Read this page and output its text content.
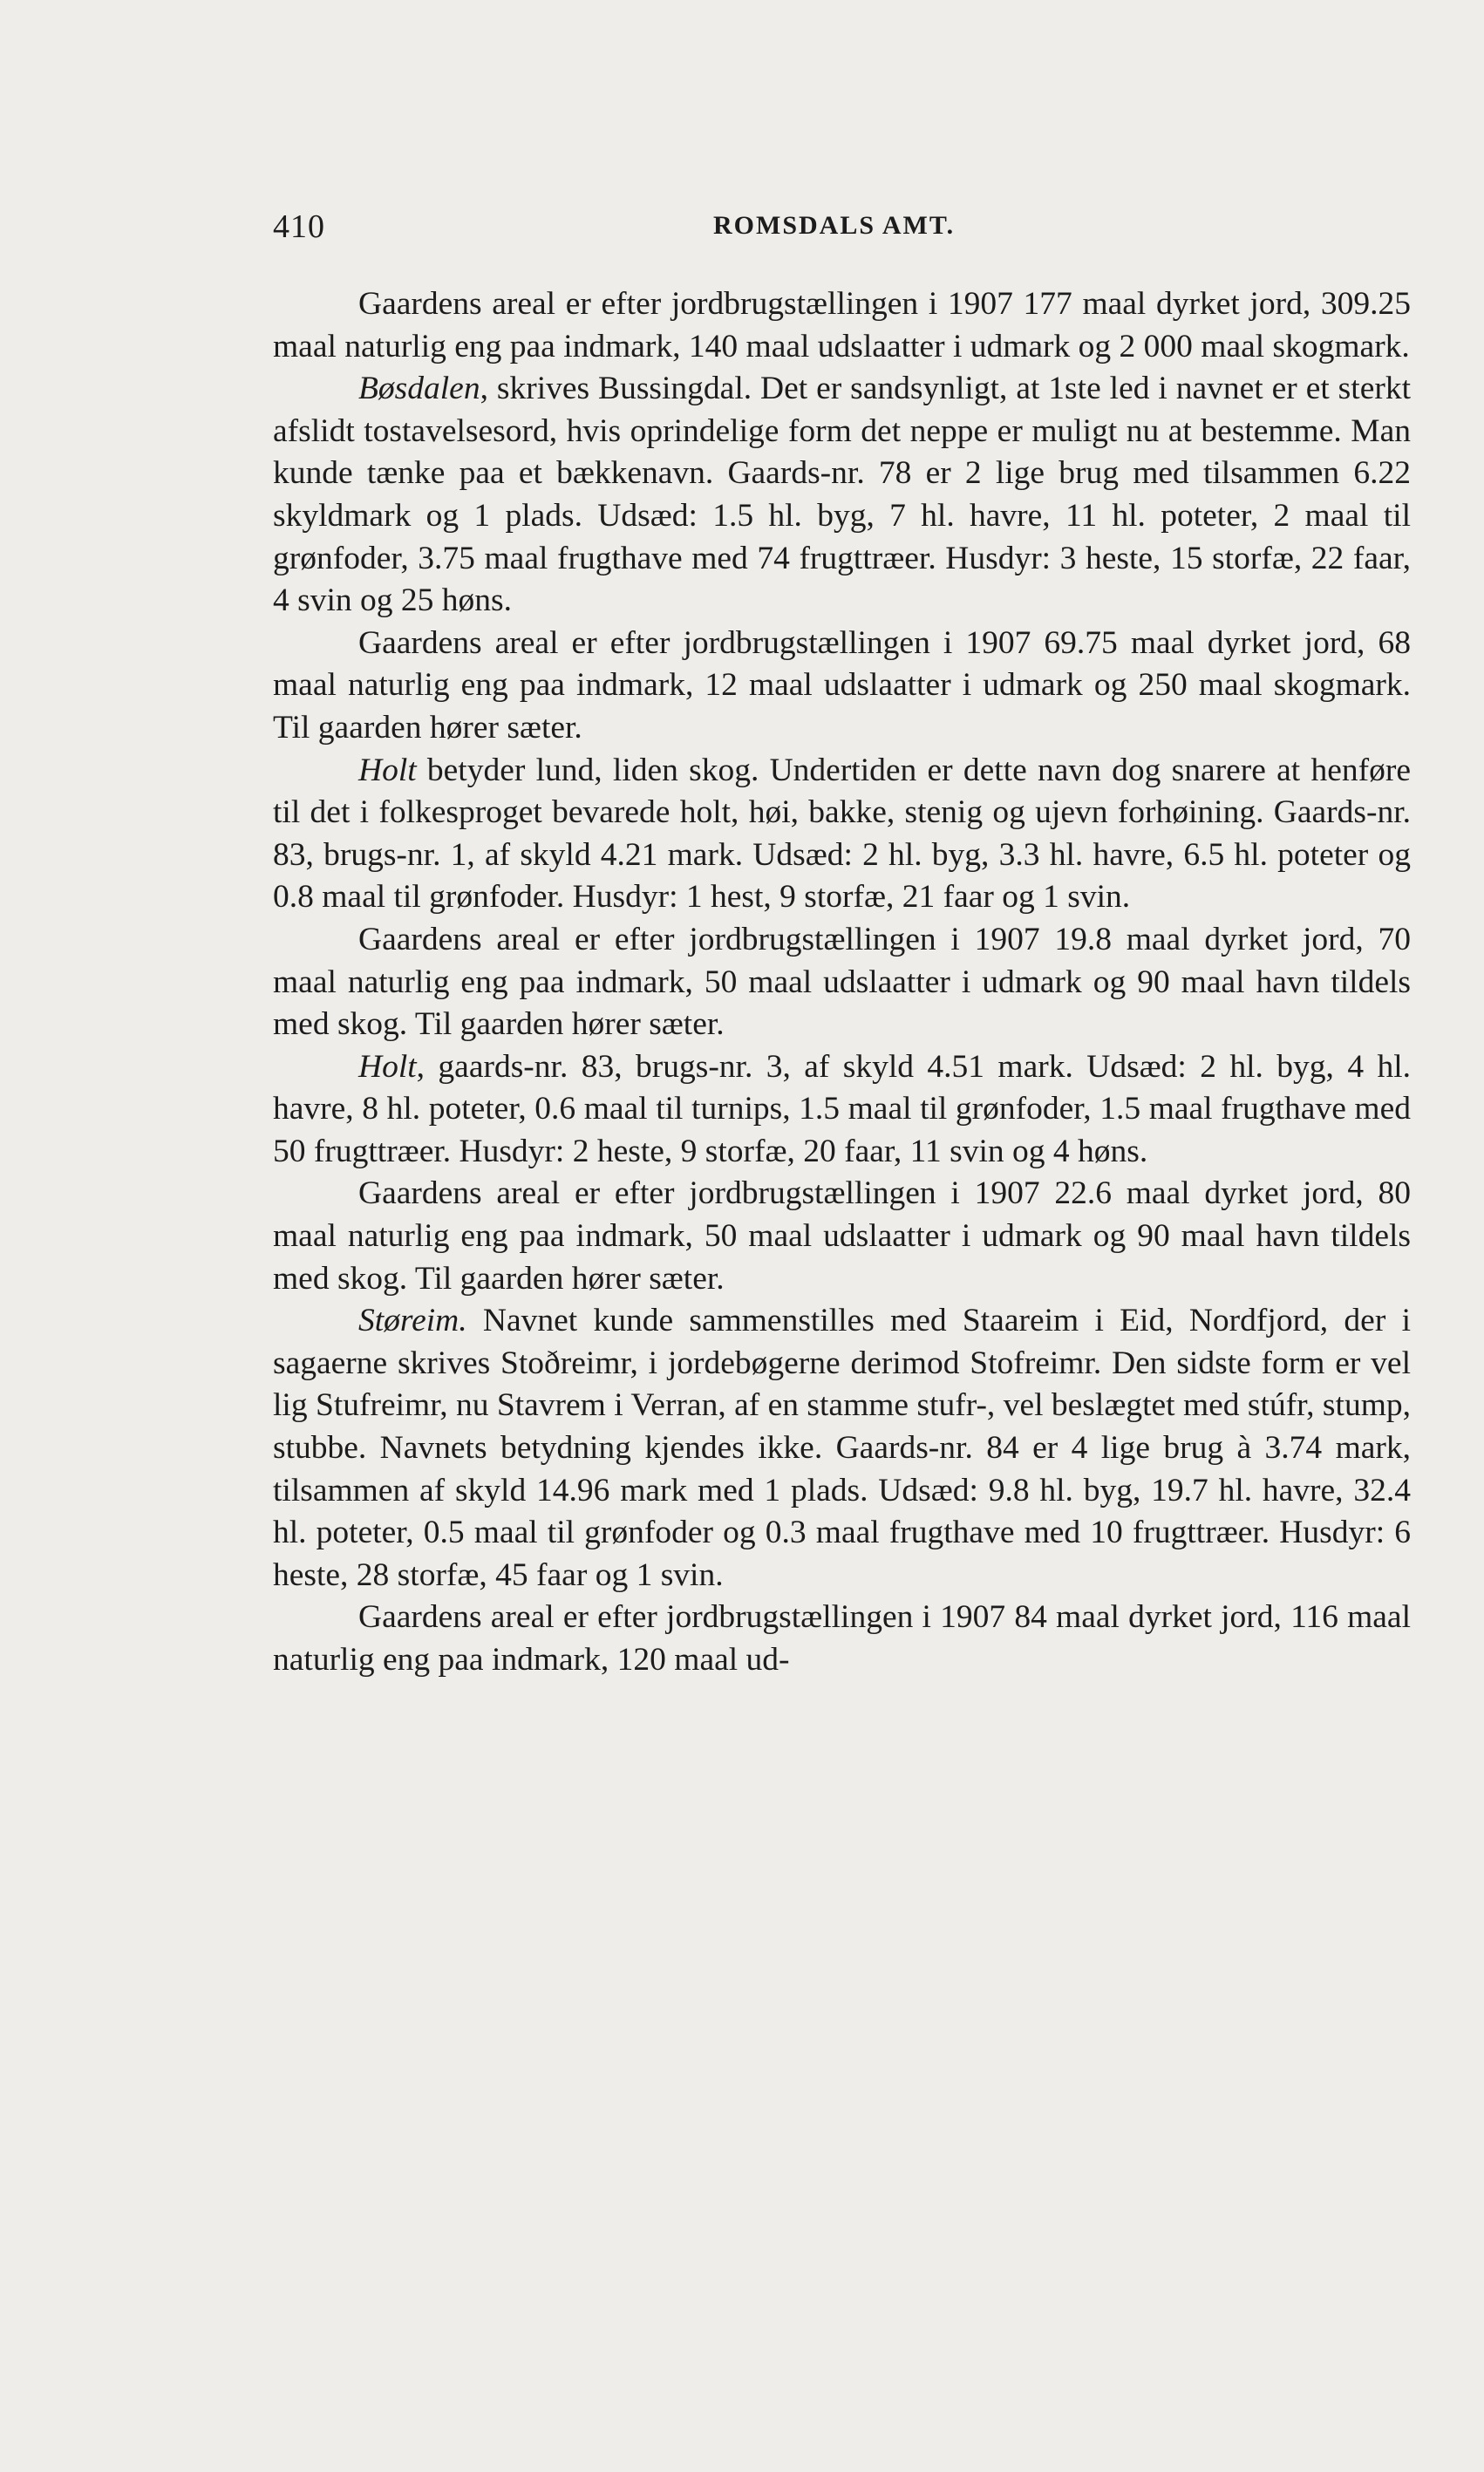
410	ROMSDALS AMT.

Gaardens areal er efter jordbrugstællingen i 1907 177 maal dyrket jord, 309.25 maal naturlig eng paa indmark, 140 maal udslaatter i udmark og 2 000 maal skogmark.

Bøsdalen, skrives Bussingdal. Det er sandsynligt, at 1ste led i navnet er et sterkt afslidt tostavelsesord, hvis oprindelige form det neppe er muligt nu at bestemme. Man kunde tænke paa et bækkenavn. Gaards-nr. 78 er 2 lige brug med tilsammen 6.22 skyldmark og 1 plads. Udsæd: 1.5 hl. byg, 7 hl. havre, 11 hl. poteter, 2 maal til grønfoder, 3.75 maal frugthave med 74 frugttræer. Husdyr: 3 heste, 15 storfæ, 22 faar, 4 svin og 25 høns.

Gaardens areal er efter jordbrugstællingen i 1907 69.75 maal dyrket jord, 68 maal naturlig eng paa indmark, 12 maal udslaatter i udmark og 250 maal skogmark. Til gaarden hører sæter.

Holt betyder lund, liden skog. Undertiden er dette navn dog snarere at henføre til det i folkesproget bevarede holt, høi, bakke, stenig og ujevn forhøining. Gaards-nr. 83, brugs-nr. 1, af skyld 4.21 mark. Udsæd: 2 hl. byg, 3.3 hl. havre, 6.5 hl. poteter og 0.8 maal til grønfoder. Husdyr: 1 hest, 9 storfæ, 21 faar og 1 svin.

Gaardens areal er efter jordbrugstællingen i 1907 19.8 maal dyrket jord, 70 maal naturlig eng paa indmark, 50 maal udslaatter i udmark og 90 maal havn tildels med skog. Til gaarden hører sæter.

Holt, gaards-nr. 83, brugs-nr. 3, af skyld 4.51 mark. Udsæd: 2 hl. byg, 4 hl. havre, 8 hl. poteter, 0.6 maal til turnips, 1.5 maal til grønfoder, 1.5 maal frugthave med 50 frugttræer. Husdyr: 2 heste, 9 storfæ, 20 faar, 11 svin og 4 høns.

Gaardens areal er efter jordbrugstællingen i 1907 22.6 maal dyrket jord, 80 maal naturlig eng paa indmark, 50 maal udslaatter i udmark og 90 maal havn tildels med skog. Til gaarden hører sæter.

Støreim. Navnet kunde sammenstilles med Staareim i Eid, Nordfjord, der i sagaerne skrives Stoðreimr, i jordebøgerne derimod Stofreimr. Den sidste form er vel lig Stufreimr, nu Stavrem i Verran, af en stamme stufr-, vel beslægtet med stúfr, stump, stubbe. Navnets betydning kjendes ikke. Gaards-nr. 84 er 4 lige brug à 3.74 mark, tilsammen af skyld 14.96 mark med 1 plads. Udsæd: 9.8 hl. byg, 19.7 hl. havre, 32.4 hl. poteter, 0.5 maal til grønfoder og 0.3 maal frugthave med 10 frugttræer. Husdyr: 6 heste, 28 storfæ, 45 faar og 1 svin.

Gaardens areal er efter jordbrugstællingen i 1907 84 maal dyrket jord, 116 maal naturlig eng paa indmark, 120 maal ud-
